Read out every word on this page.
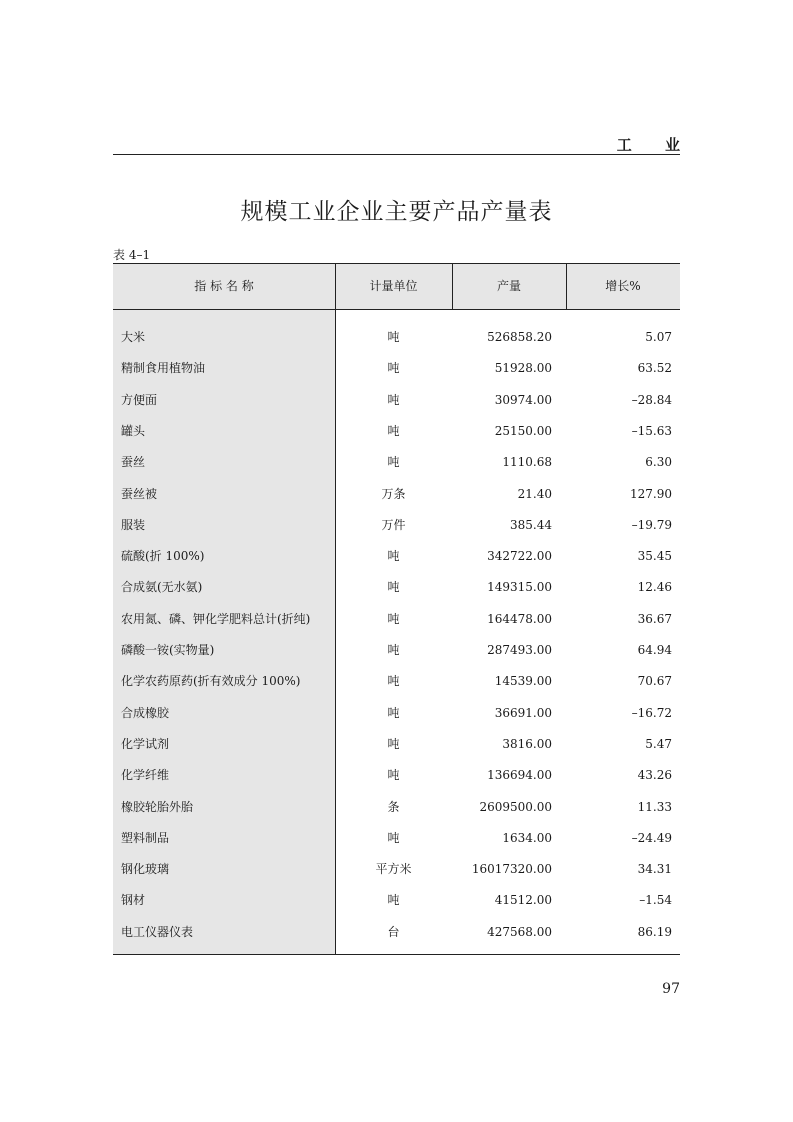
工 业
规模工业企业主要产品产量表
表 4–1
指 标 名 称	计量单位	产量	增长%
大米	吨	526858.20	5.07
精制食用植物油	吨	51928.00	63.52
方便面	吨	30974.00	–28.84
罐头	吨	25150.00	–15.63
蚕丝	吨	1110.68	6.30
蚕丝被	万条	21.40	127.90
服装	万件	385.44	–19.79
硫酸(折 100%)	吨	342722.00	35.45
合成氨(无水氨)	吨	149315.00	12.46
农用氮、磷、钾化学肥料总计(折纯)	吨	164478.00	36.67
磷酸一铵(实物量)	吨	287493.00	64.94
化学农药原药(折有效成分 100%)	吨	14539.00	70.67
合成橡胶	吨	36691.00	–16.72
化学试剂	吨	3816.00	5.47
化学纤维	吨	136694.00	43.26
橡胶轮胎外胎	条	2609500.00	11.33
塑料制品	吨	1634.00	–24.49
钢化玻璃	平方米	16017320.00	34.31
钢材	吨	41512.00	–1.54
电工仪器仪表	台	427568.00	86.19
97
